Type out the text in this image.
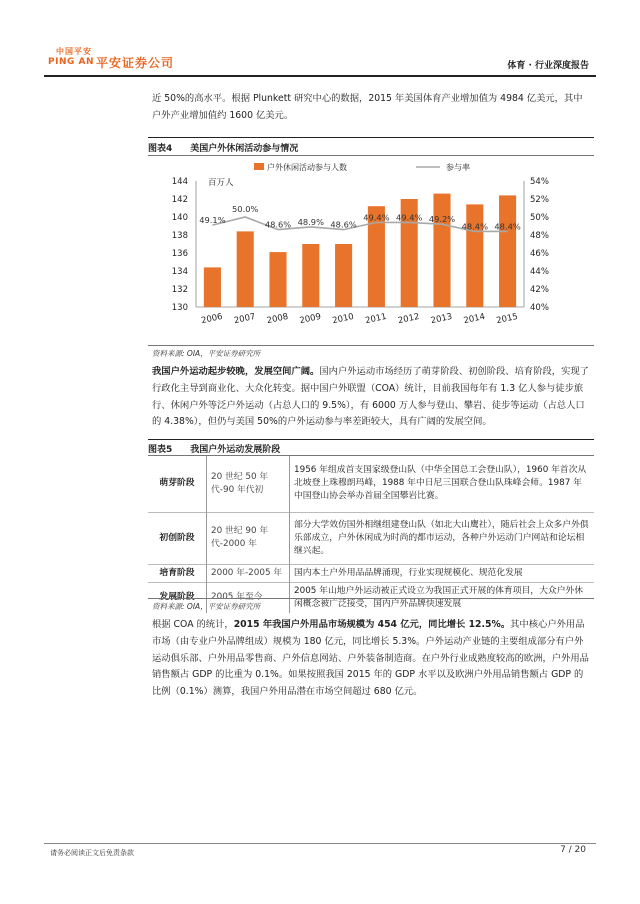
中国平安
PING AN 平安证券公司	体育 · 行业深度报告
近 50%的高水平。根据 Plunkett 研究中心的数据，2015 年美国体育产业增加值为 4984 亿美元，其中户外产业增加值约 1600 亿美元。
图表4　　美国户外休闲活动参与情况
130
132
134
136
138
140
142
144
40%
42%
44%
46%
48%
50%
52%
54%
百万人
49.1%
50.0%
48.6% 48.9% 48.6%
49.4% 49.4% 49.2%
48.4% 48.4%
2006 2007 2008 2009 2010 2011 2012 2013 2014 2015
户外休闲活动参与人数	参与率
资料来源: OIA，平安证券研究所
我国户外运动起步较晚，发展空间广阔。国内户外运动市场经历了萌芽阶段、初创阶段、培育阶段，实现了行政化主导到商业化、大众化转变。据中国户外联盟（COA）统计，目前我国每年有 1.3 亿人参与徒步旅行、休闲户外等泛户外运动（占总人口的 9.5%），有 6000 万人参与登山、攀岩、徒步等运动（占总人口的 4.38%），但仍与美国 50%的户外运动参与率差距较大，具有广阔的发展空间。
图表5　　我国户外运动发展阶段
萌芽阶段	20 世纪 50 年代-90 年代初	1956 年组成首支国家级登山队（中华全国总工会登山队），1960 年首次从北坡登上珠穆朗玛峰，1988 年中日尼三国联合登山队珠峰会师。1987 年中国登山协会举办首届全国攀岩比赛。
初创阶段	20 世纪 90 年代-2000 年	部分大学效仿国外相继组建登山队（如北大山鹰社），随后社会上众多户外俱乐部成立，户外休闲成为时尚的都市运动，各种户外运动门户网站和论坛相继兴起。
培育阶段	2000 年-2005 年	国内本土户外用品品牌涌现，行业实现规模化、规范化发展
发展阶段	2005 年至今	2005 年山地户外运动被正式设立为我国正式开展的体育项目，大众户外休闲概念被广泛接受，国内户外品牌快速发展
资料来源: OIA，平安证券研究所
根据 COA 的统计，2015 年我国户外用品市场规模为 454 亿元，同比增长 12.5%。其中核心户外用品市场（由专业户外品牌组成）规模为 180 亿元，同比增长 5.3%。户外运动产业链的主要组成部分有户外运动俱乐部、户外用品零售商、户外信息网站、户外装备制造商。在户外行业成熟度较高的欧洲，户外用品销售额占 GDP 的比重为 0.1%。如果按照我国 2015 年的 GDP 水平以及欧洲户外用品销售额占 GDP 的比例（0.1%）测算，我国户外用品潜在市场空间超过 680 亿元。
请务必阅读正文后免责条款	7 / 20
